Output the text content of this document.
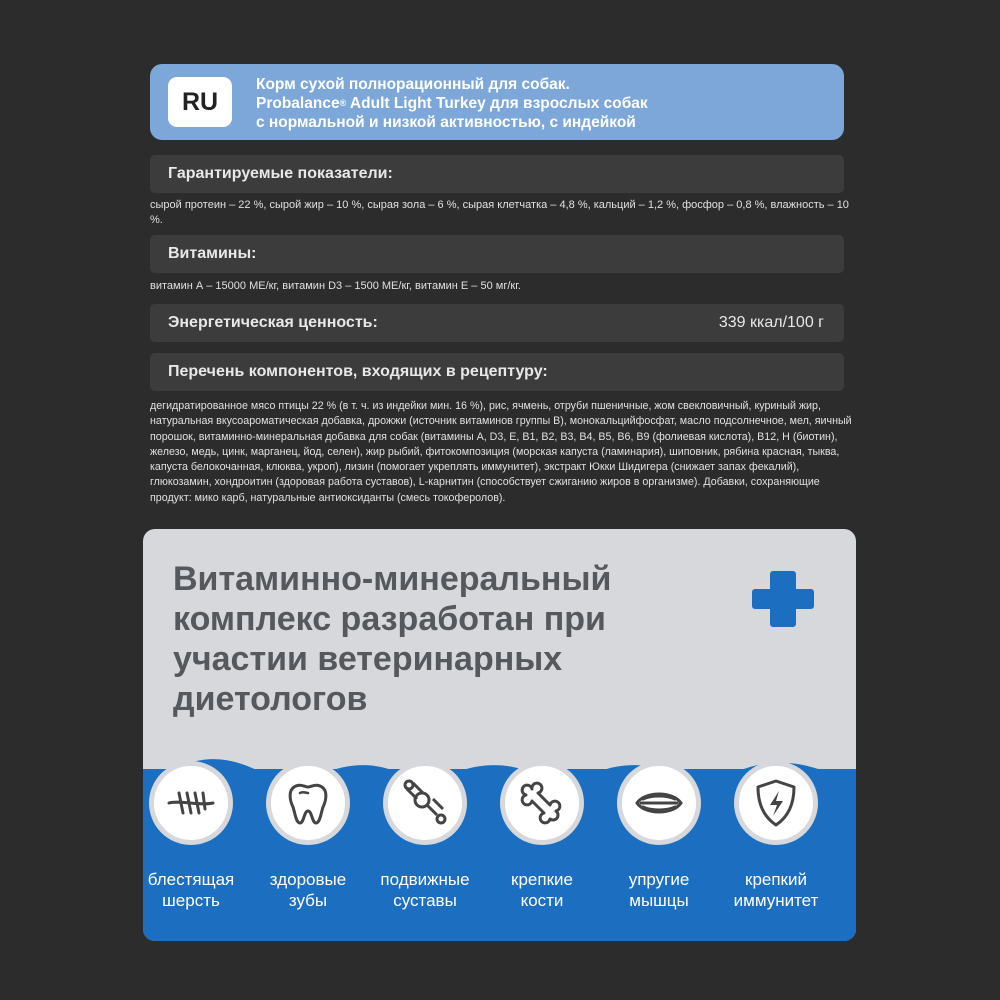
RU
Корм сухой полнорационный для собак.
Probalance® Adult Light Turkey для взрослых собак
с нормальной и низкой активностью, с индейкой
Гарантируемые показатели:
сырой протеин – 22 %, сырой жир – 10 %, сырая зола – 6 %, сырая клетчатка – 4,8 %, кальций – 1,2 %, фосфор – 0,8 %, влажность – 10 %.
Витамины:
витамин А – 15000 МЕ/кг, витамин D3 – 1500 МЕ/кг, витамин Е – 50 мг/кг.
Энергетическая ценность:	339 ккал/100 г
Перечень компонентов, входящих в рецептуру:
дегидратированное мясо птицы 22 % (в т. ч. из индейки мин. 16 %), рис, ячмень, отруби пшеничные, жом свекловичный, куриный жир, натуральная вкусоароматическая добавка, дрожжи (источник витаминов группы В), монокальцийфосфат, масло подсолнечное, мел, яичный порошок, витаминно-минеральная добавка для собак (витамины А, D3, Е, В1, В2, В3, В4, В5, В6, В9 (фолиевая кислота), В12, Н (биотин), железо, медь, цинк, марганец, йод, селен), жир рыбий, фитокомпозиция (морская капуста (ламинария), шиповник, рябина красная, тыква, капуста белокочанная, клюква, укроп), лизин (помогает укреплять иммунитет), экстракт Юкки Шидигера (снижает запах фекалий), глюкозамин, хондроитин (здоровая работа суставов), L-карнитин (способствует сжиганию жиров в организме). Добавки, сохраняющие продукт: мико карб, натуральные антиоксиданты (смесь токоферолов).
Витаминно-минеральный комплекс разработан при участии ветеринарных диетологов
блестящая
шерсть
здоровые
зубы
подвижные
суставы
крепкие
кости
упругие
мышцы
крепкий
иммунитет
